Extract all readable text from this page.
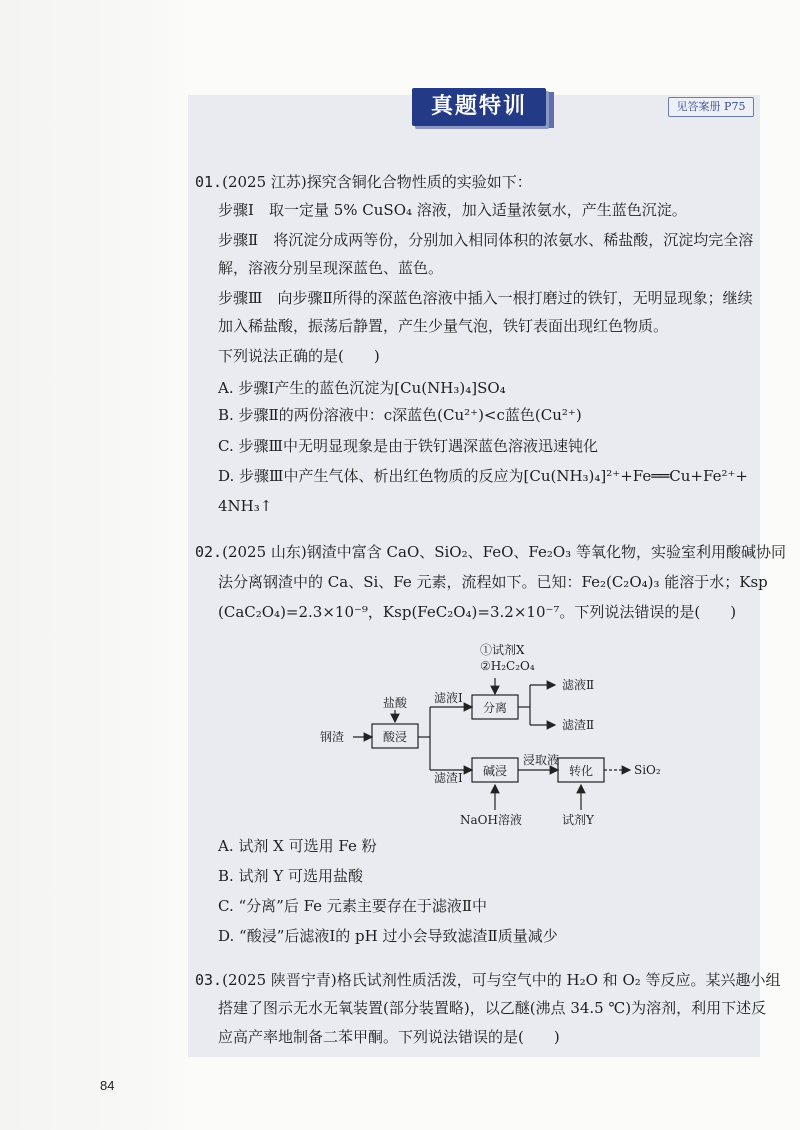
真题特训	见答案册 P75
01.(2025 江苏)探究含铜化合物性质的实验如下：
步骤Ⅰ　 取一定量 5% CuSO₄ 溶液，加入适量浓氨水，产生蓝色沉淀。
步骤Ⅱ　 将沉淀分成两等份，分别加入相同体积的浓氨水、稀盐酸，沉淀均完全溶
解，溶液分别呈现深蓝色、蓝色。
步骤Ⅲ　 向步骤Ⅱ所得的深蓝色溶液中插入一根打磨过的铁钉，无明显现象；继续
加入稀盐酸，振荡后静置，产生少量气泡，铁钉表面出现红色物质。
下列说法正确的是(　　)
A. 步骤Ⅰ产生的蓝色沉淀为[Cu(NH₃)₄]SO₄
B. 步骤Ⅱ的两份溶液中：c深蓝色(Cu²⁺)<c蓝色(Cu²⁺)
C. 步骤Ⅲ中无明显现象是由于铁钉遇深蓝色溶液迅速钝化
D. 步骤Ⅲ中产生气体、析出红色物质的反应为[Cu(NH₃)₄]²⁺+Fe══Cu+Fe²⁺+
4NH₃↑
02.(2025 山东)钢渣中富含 CaO、SiO₂、FeO、Fe₂O₃ 等氧化物，实验室利用酸碱协同
法分离钢渣中的 Ca、Si、Fe 元素，流程如下。已知：Fe₂(C₂O₄)₃ 能溶于水；Ksp
(CaC₂O₄)=2.3×10⁻⁹，Ksp(FeC₂O₄)=3.2×10⁻⁷。下列说法错误的是(　　)
钢渣
盐酸
酸浸
滤液Ⅰ
滤渣Ⅰ
①试剂X
②H₂C₂O₄
分离
滤液Ⅱ
滤渣Ⅱ
碱浸
浸取液
转化	SiO₂
NaOH溶液	试剂Y
A. 试剂 X 可选用 Fe 粉
B. 试剂 Y 可选用盐酸
C. “分离”后 Fe 元素主要存在于滤液Ⅱ中
D. “酸浸”后滤液Ⅰ的 pH 过小会导致滤渣Ⅱ质量减少
03.(2025 陕晋宁青)格氏试剂性质活泼，可与空气中的 H₂O 和 O₂ 等反应。某兴趣小组
搭建了图示无水无氧装置(部分装置略)，以乙醚(沸点 34.5 ℃)为溶剂，利用下述反
应高产率地制备二苯甲酮。下列说法错误的是(　　)
84
